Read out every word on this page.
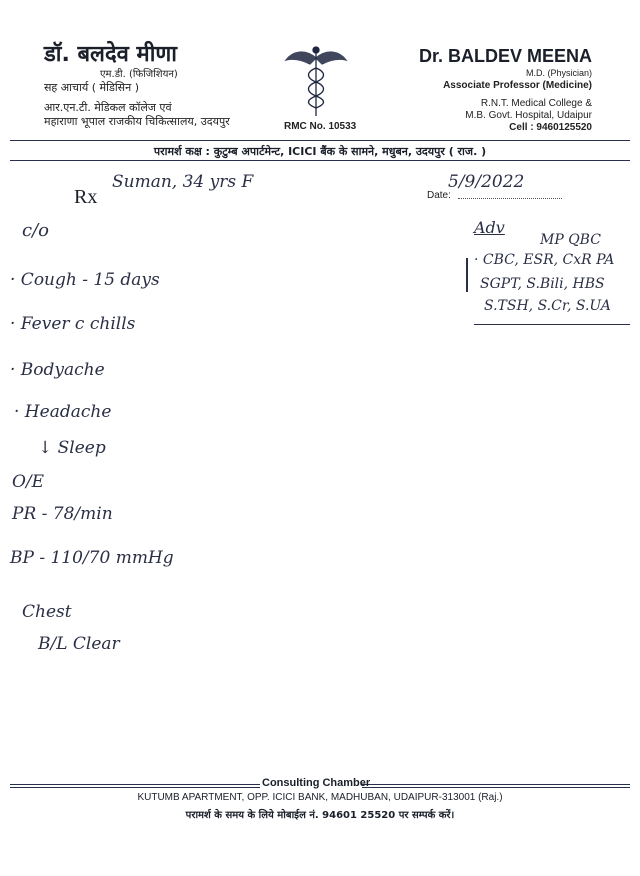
डॉ. बलदेव मीणा
एम.डी. (फिजिशियन)
सह आचार्य ( मेडिसिन )
आर.एन.टी. मेडिकल कॉलेज एवं
महाराणा भूपाल राजकीय चिकित्सालय, उदयपुर	RMC No. 10533
Dr. BALDEV MEENA
M.D. (Physician)
Associate Professor (Medicine)
R.N.T. Medical College &
M.B. Govt. Hospital, Udaipur
Cell : 9460125520
परामर्श कक्ष : कुटुम्ब अपार्टमेन्ट, ICICI बैंक के सामने, मधुबन, उदयपुर ( राज. )
Rx
Suman, 34 yrs F	5/9/2022
Date:
c/o
· Cough - 15 days
· Fever c chills
· Bodyache
· Headache
↓ Sleep
O/E
PR - 78/min
BP - 110/70 mmHg
Chest
B/L Clear
Adv
MP QBC
· CBC, ESR, CxR PA
SGPT, S.Bili, HBS
S.TSH, S.Cr, S.UA
Consulting Chamber
KUTUMB APARTMENT, OPP. ICICI BANK, MADHUBAN, UDAIPUR-313001 (Raj.)
परामर्श के समय के लिये मोबाईल नं. 94601 25520 पर सम्पर्क करें।
